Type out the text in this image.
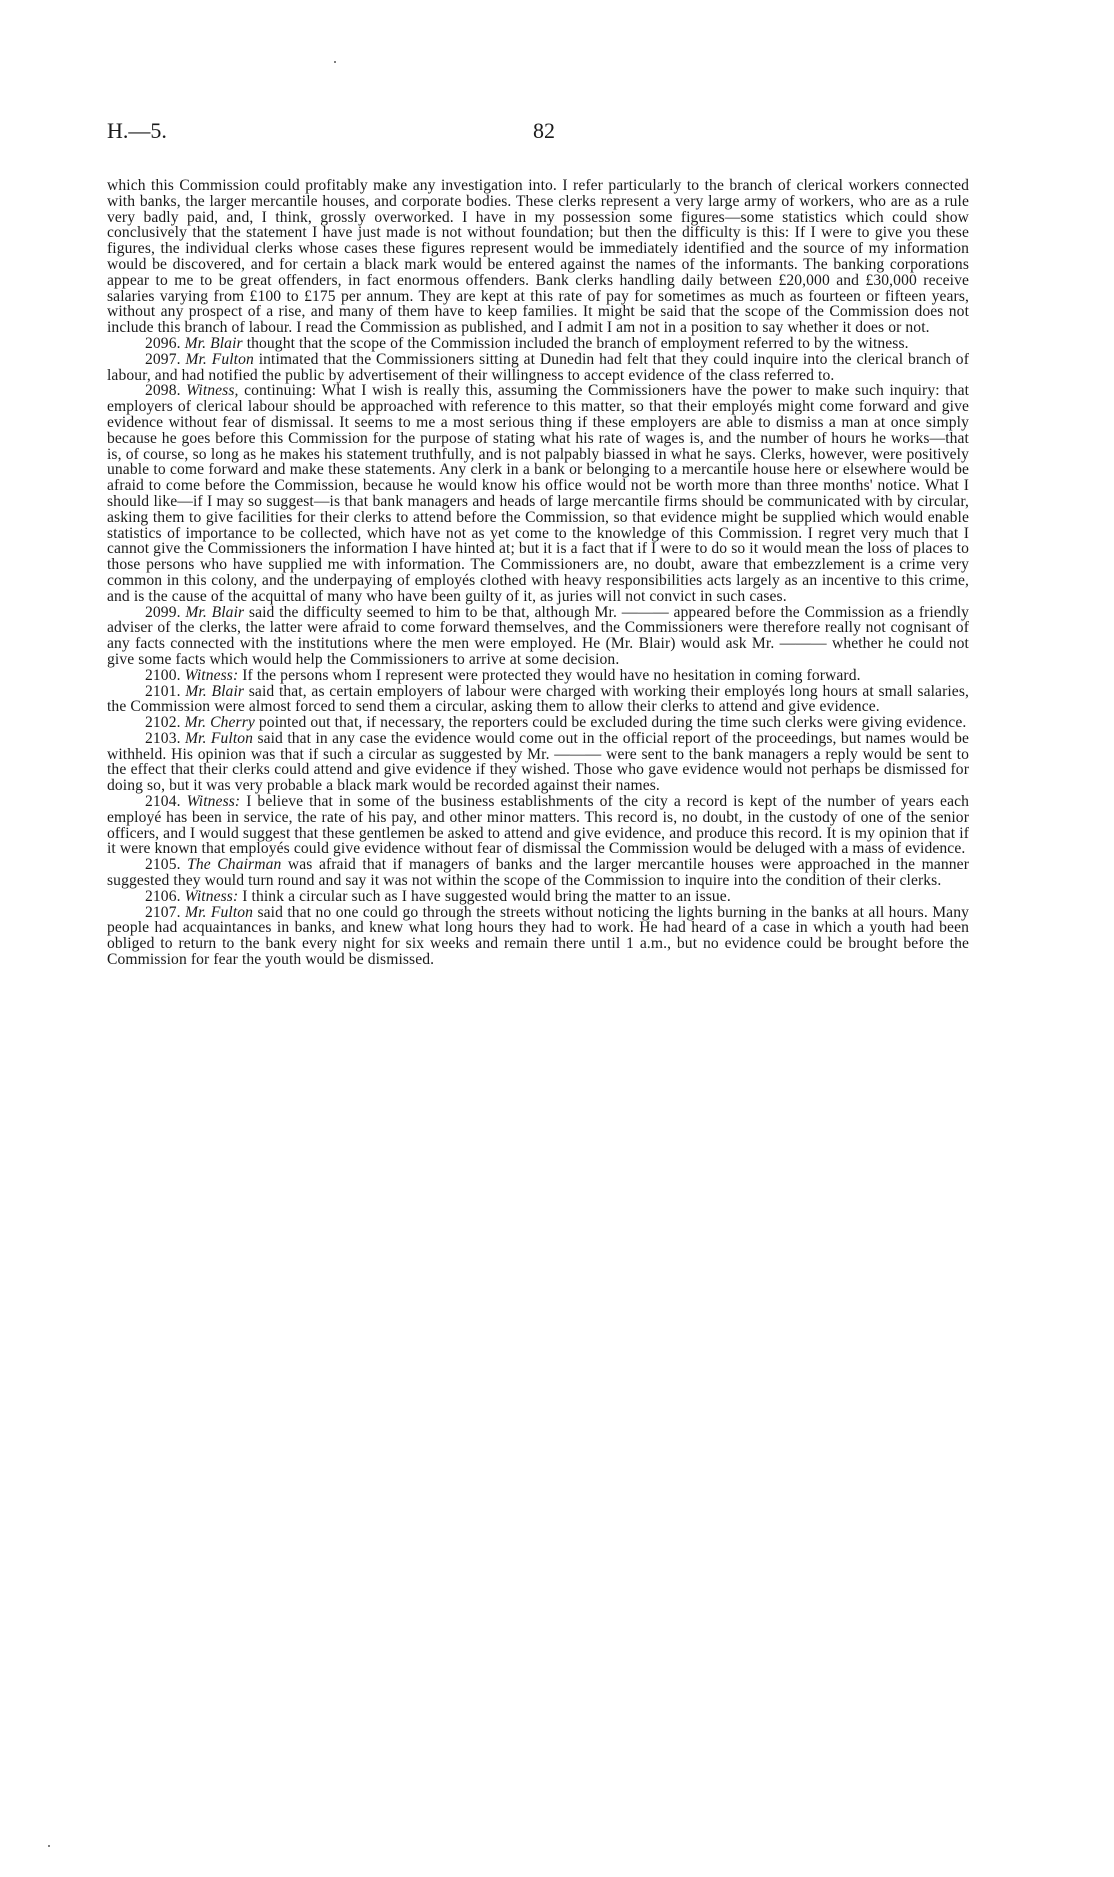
H.—5.	82

which this Commission could profitably make any investigation into. I refer particularly to the branch of clerical workers connected with banks, the larger mercantile houses, and corporate bodies. These clerks represent a very large army of workers, who are as a rule very badly paid, and, I think, grossly overworked. I have in my possession some figures—some statistics which could show conclusively that the statement I have just made is not without foundation; but then the difficulty is this: If I were to give you these figures, the individual clerks whose cases these figures represent would be immediately identified and the source of my information would be discovered, and for certain a black mark would be entered against the names of the informants. The banking corporations appear to me to be great offenders, in fact enormous offenders. Bank clerks handling daily between £20,000 and £30,000 receive salaries varying from £100 to £175 per annum. They are kept at this rate of pay for sometimes as much as fourteen or fifteen years, without any prospect of a rise, and many of them have to keep families. It might be said that the scope of the Commission does not include this branch of labour. I read the Commission as published, and I admit I am not in a position to say whether it does or not.

2096. Mr. Blair thought that the scope of the Commission included the branch of employment referred to by the witness.

2097. Mr. Fulton intimated that the Commissioners sitting at Dunedin had felt that they could inquire into the clerical branch of labour, and had notified the public by advertisement of their willingness to accept evidence of the class referred to.

2098. Witness, continuing: What I wish is really this, assuming the Commissioners have the power to make such inquiry: that employers of clerical labour should be approached with reference to this matter, so that their employés might come forward and give evidence without fear of dismissal. It seems to me a most serious thing if these employers are able to dismiss a man at once simply because he goes before this Commission for the purpose of stating what his rate of wages is, and the number of hours he works—that is, of course, so long as he makes his statement truthfully, and is not palpably biassed in what he says. Clerks, however, were positively unable to come forward and make these statements. Any clerk in a bank or belonging to a mercantile house here or elsewhere would be afraid to come before the Commission, because he would know his office would not be worth more than three months' notice. What I should like—if I may so suggest—is that bank managers and heads of large mercantile firms should be communicated with by circular, asking them to give facilities for their clerks to attend before the Commission, so that evidence might be supplied which would enable statistics of importance to be collected, which have not as yet come to the knowledge of this Commission. I regret very much that I cannot give the Commissioners the information I have hinted at; but it is a fact that if I were to do so it would mean the loss of places to those persons who have supplied me with information. The Commissioners are, no doubt, aware that embezzlement is a crime very common in this colony, and the underpaying of employés clothed with heavy responsibilities acts largely as an incentive to this crime, and is the cause of the acquittal of many who have been guilty of it, as juries will not convict in such cases.

2099. Mr. Blair said the difficulty seemed to him to be that, although Mr. ——— appeared before the Commission as a friendly adviser of the clerks, the latter were afraid to come forward themselves, and the Commissioners were therefore really not cognisant of any facts connected with the institutions where the men were employed. He (Mr. Blair) would ask Mr. ——— whether he could not give some facts which would help the Commissioners to arrive at some decision.

2100. Witness: If the persons whom I represent were protected they would have no hesitation in coming forward.

2101. Mr. Blair said that, as certain employers of labour were charged with working their employés long hours at small salaries, the Commission were almost forced to send them a circular, asking them to allow their clerks to attend and give evidence.

2102. Mr. Cherry pointed out that, if necessary, the reporters could be excluded during the time such clerks were giving evidence.

2103. Mr. Fulton said that in any case the evidence would come out in the official report of the proceedings, but names would be withheld. His opinion was that if such a circular as suggested by Mr. ——— were sent to the bank managers a reply would be sent to the effect that their clerks could attend and give evidence if they wished. Those who gave evidence would not perhaps be dismissed for doing so, but it was very probable a black mark would be recorded against their names.

2104. Witness: I believe that in some of the business establishments of the city a record is kept of the number of years each employé has been in service, the rate of his pay, and other minor matters. This record is, no doubt, in the custody of one of the senior officers, and I would suggest that these gentlemen be asked to attend and give evidence, and produce this record. It is my opinion that if it were known that employés could give evidence without fear of dismissal the Commission would be deluged with a mass of evidence.

2105. The Chairman was afraid that if managers of banks and the larger mercantile houses were approached in the manner suggested they would turn round and say it was not within the scope of the Commission to inquire into the condition of their clerks.

2106. Witness: I think a circular such as I have suggested would bring the matter to an issue.

2107. Mr. Fulton said that no one could go through the streets without noticing the lights burning in the banks at all hours. Many people had acquaintances in banks, and knew what long hours they had to work. He had heard of a case in which a youth had been obliged to return to the bank every night for six weeks and remain there until 1 a.m., but no evidence could be brought before the Commission for fear the youth would be dismissed.
